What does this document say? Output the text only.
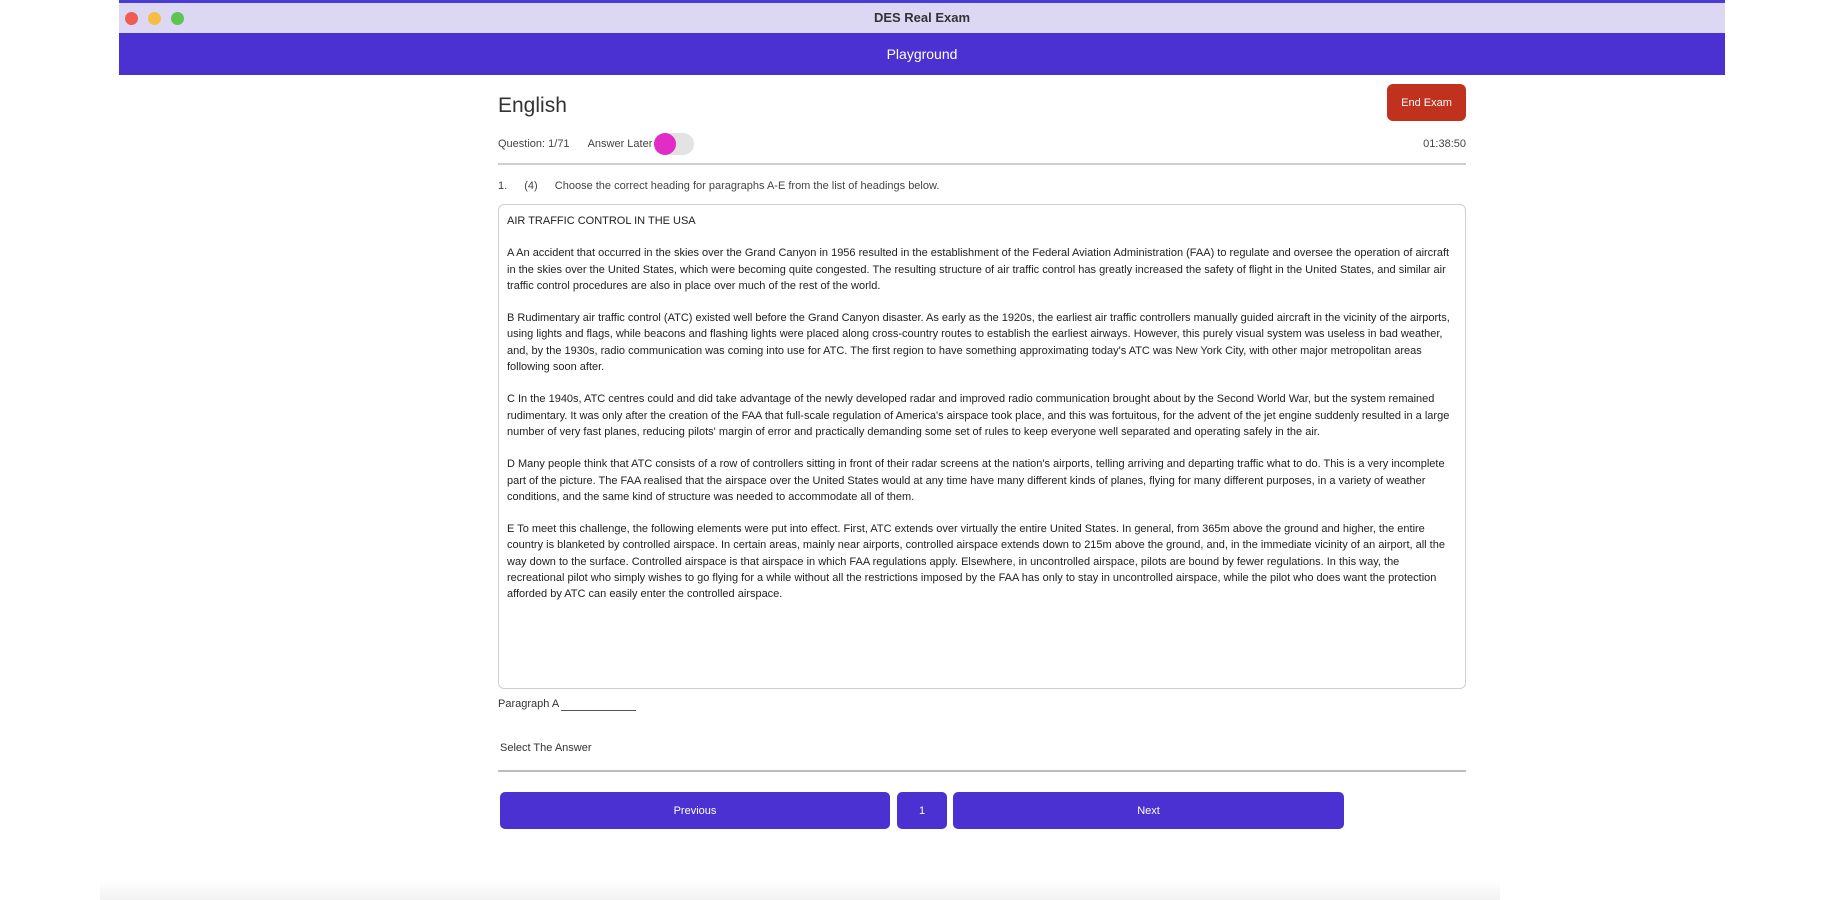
DES Real Exam
Playground
English	End Exam
Question: 1/71 Answer Later	01:38:50
1. (4) Choose the correct heading for paragraphs A-E from the list of headings below.

AIR TRAFFIC CONTROL IN THE USA

A An accident that occurred in the skies over the Grand Canyon in 1956 resulted in the establishment of the Federal Aviation Administration (FAA) to regulate and oversee the operation of aircraft in the skies over the United States, which were becoming quite congested. The resulting structure of air traffic control has greatly increased the safety of flight in the United States, and similar air traffic control procedures are also in place over much of the rest of the world.

B Rudimentary air traffic control (ATC) existed well before the Grand Canyon disaster. As early as the 1920s, the earliest air traffic controllers manually guided aircraft in the vicinity of the airports, using lights and flags, while beacons and flashing lights were placed along cross-country routes to establish the earliest airways. However, this purely visual system was useless in bad weather, and, by the 1930s, radio communication was coming into use for ATC. The first region to have something approximating today's ATC was New York City, with other major metropolitan areas following soon after.

C In the 1940s, ATC centres could and did take advantage of the newly developed radar and improved radio communication brought about by the Second World War, but the system remained rudimentary. It was only after the creation of the FAA that full-scale regulation of America's airspace took place, and this was fortuitous, for the advent of the jet engine suddenly resulted in a large number of very fast planes, reducing pilots' margin of error and practically demanding some set of rules to keep everyone well separated and operating safely in the air.

D Many people think that ATC consists of a row of controllers sitting in front of their radar screens at the nation's airports, telling arriving and departing traffic what to do. This is a very incomplete part of the picture. The FAA realised that the airspace over the United States would at any time have many different kinds of planes, flying for many different purposes, in a variety of weather conditions, and the same kind of structure was needed to accommodate all of them.

E To meet this challenge, the following elements were put into effect. First, ATC extends over virtually the entire United States. In general, from 365m above the ground and higher, the entire country is blanketed by controlled airspace. In certain areas, mainly near airports, controlled airspace extends down to 215m above the ground, and, in the immediate vicinity of an airport, all the way down to the surface. Controlled airspace is that airspace in which FAA regulations apply. Elsewhere, in uncontrolled airspace, pilots are bound by fewer regulations. In this way, the recreational pilot who simply wishes to go flying for a while without all the restrictions imposed by the FAA has only to stay in uncontrolled airspace, while the pilot who does want the protection afforded by ATC can easily enter the controlled airspace.

Paragraph A
Select The Answer
Previous	1	Next
